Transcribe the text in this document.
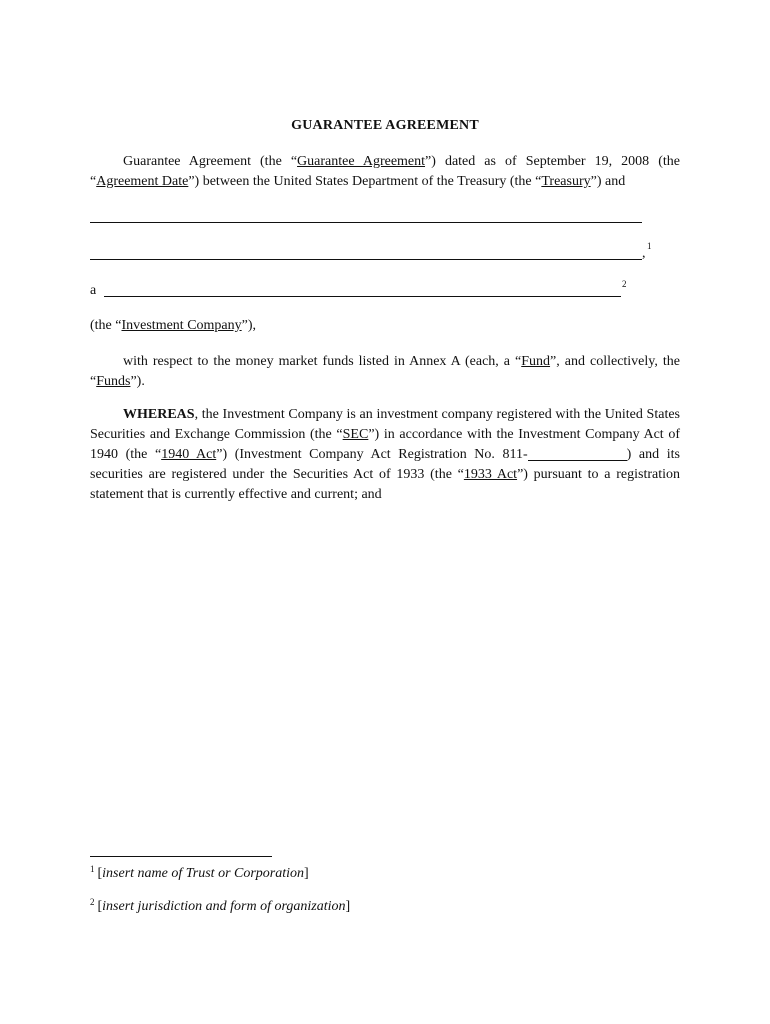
GUARANTEE AGREEMENT
Guarantee Agreement (the “Guarantee Agreement”) dated as of September 19, 2008 (the “Agreement Date”) between the United States Department of the Treasury (the “Treasury”) and
, 1
a	2
(the “Investment Company”),
with respect to the money market funds listed in Annex A (each, a “Fund”, and collectively, the “Funds”).
WHEREAS, the Investment Company is an investment company registered with the United States Securities and Exchange Commission (the “SEC”) in accordance with the Investment Company Act of 1940 (the “1940 Act”) (Investment Company Act Registration No. 811-	) and its securities are registered under the Securities Act of 1933 (the “1933 Act”) pursuant to a registration statement that is currently effective and current; and
$^1$ [insert name of Trust or Corporation]
$^2$ [insert jurisdiction and form of organization]
